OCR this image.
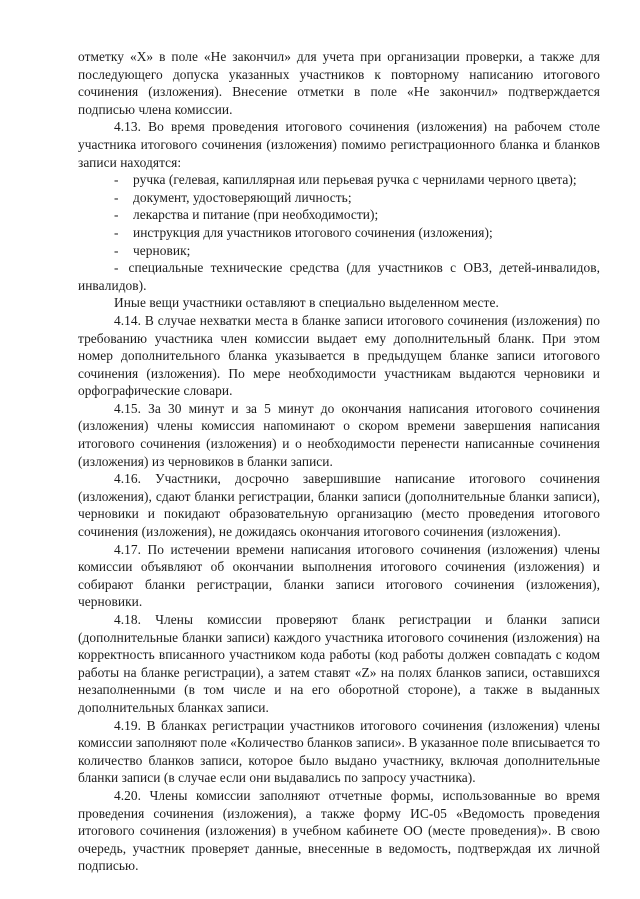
отметку «Х» в поле «Не закончил» для учета при организации проверки, а также для последующего допуска указанных участников к повторному написанию итогового сочинения (изложения). Внесение отметки в поле «Не закончил» подтверждается подписью члена комиссии.

4.13. Во время проведения итогового сочинения (изложения) на рабочем столе участника итогового сочинения (изложения) помимо регистрационного бланка и бланков записи находятся:

- ручка (гелевая, капиллярная или перьевая ручка с чернилами черного цвета);
- документ, удостоверяющий личность;
- лекарства и питание (при необходимости);
- инструкция для участников итогового сочинения (изложения);
- черновик;
- специальные технические средства (для участников с ОВЗ, детей-инвалидов, инвалидов).

Иные вещи участники оставляют в специально выделенном месте.

4.14. В случае нехватки места в бланке записи итогового сочинения (изложения) по требованию участника член комиссии выдает ему дополнительный бланк. При этом номер дополнительного бланка указывается в предыдущем бланке записи итогового сочинения (изложения). По мере необходимости участникам выдаются черновики и орфографические словари.

4.15. За 30 минут и за 5 минут до окончания написания итогового сочинения (изложения) члены комиссия напоминают о скором времени завершения написания итогового сочинения (изложения) и о необходимости перенести написанные сочинения (изложения) из черновиков в бланки записи.

4.16. Участники, досрочно завершившие написание итогового сочинения (изложения), сдают бланки регистрации, бланки записи (дополнительные бланки записи), черновики и покидают образовательную организацию (место проведения итогового сочинения (изложения), не дожидаясь окончания итогового сочинения (изложения).

4.17. По истечении времени написания итогового сочинения (изложения) члены комиссии объявляют об окончании выполнения итогового сочинения (изложения) и собирают бланки регистрации, бланки записи итогового сочинения (изложения), черновики.

4.18. Члены комиссии проверяют бланк регистрации и бланки записи (дополнительные бланки записи) каждого участника итогового сочинения (изложения) на корректность вписанного участником кода работы (код работы должен совпадать с кодом работы на бланке регистрации), а затем ставят «Z» на полях бланков записи, оставшихся незаполненными (в том числе и на его оборотной стороне), а также в выданных дополнительных бланках записи.

4.19. В бланках регистрации участников итогового сочинения (изложения) члены комиссии заполняют поле «Количество бланков записи». В указанное поле вписывается то количество бланков записи, которое было выдано участнику, включая дополнительные бланки записи (в случае если они выдавались по запросу участника).

4.20. Члены комиссии заполняют отчетные формы, использованные во время проведения сочинения (изложения), а также форму ИС-05 «Ведомость проведения итогового сочинения (изложения) в учебном кабинете ОО (месте проведения)». В свою очередь, участник проверяет данные, внесенные в ведомость, подтверждая их личной подписью.
